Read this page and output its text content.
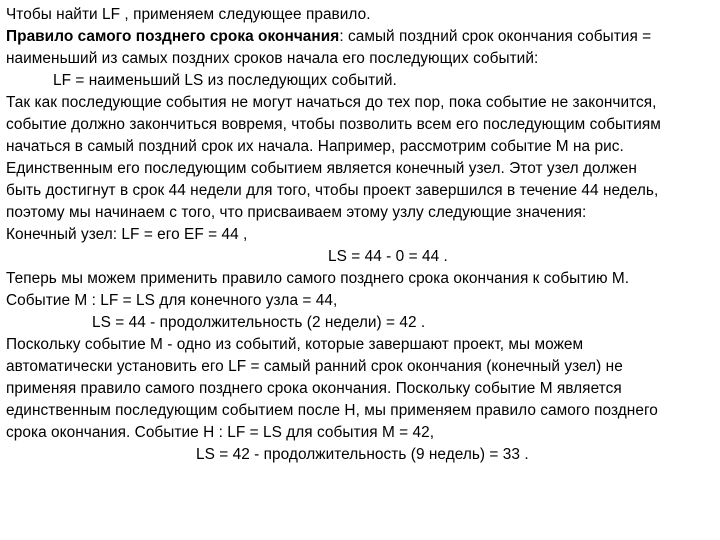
Чтобы найти LF , применяем следующее правило.
Правило самого позднего срока окончания: самый поздний срок окончания события =
наименьший из самых поздних сроков начала его последующих событий:
LF = наименьший LS из последующих событий.
Так как последующие события не могут начаться до тех пор, пока событие не закончится,
событие должно закончиться вовремя, чтобы позволить всем его последующим событиям
начаться в самый поздний срок их начала. Например, рассмотрим событие М на рис.
Единственным его последующим событием является конечный узел. Этот узел должен
быть достигнут в срок 44 недели для того, чтобы проект завершился в течение 44 недель,
поэтому мы начинаем с того, что присваиваем этому узлу следующие значения:
Конечный узел: LF = его EF = 44 ,
LS = 44 - 0 = 44 .
Теперь мы можем применить правило самого позднего срока окончания к событию М.
Событие М : LF = LS для конечного узла = 44,
LS = 44 - продолжительность (2 недели) = 42 .
Поскольку событие М - одно из событий, которые завершают проект, мы можем
автоматически установить его LF = самый ранний срок окончания (конечный узел) не
применяя правило самого позднего срока окончания. Поскольку событие М является
единственным последующим событием после Н, мы применяем правило самого позднего
срока окончания. Событие Н : LF = LS для события М = 42,
LS = 42 - продолжительность (9 недель) = 33 .
